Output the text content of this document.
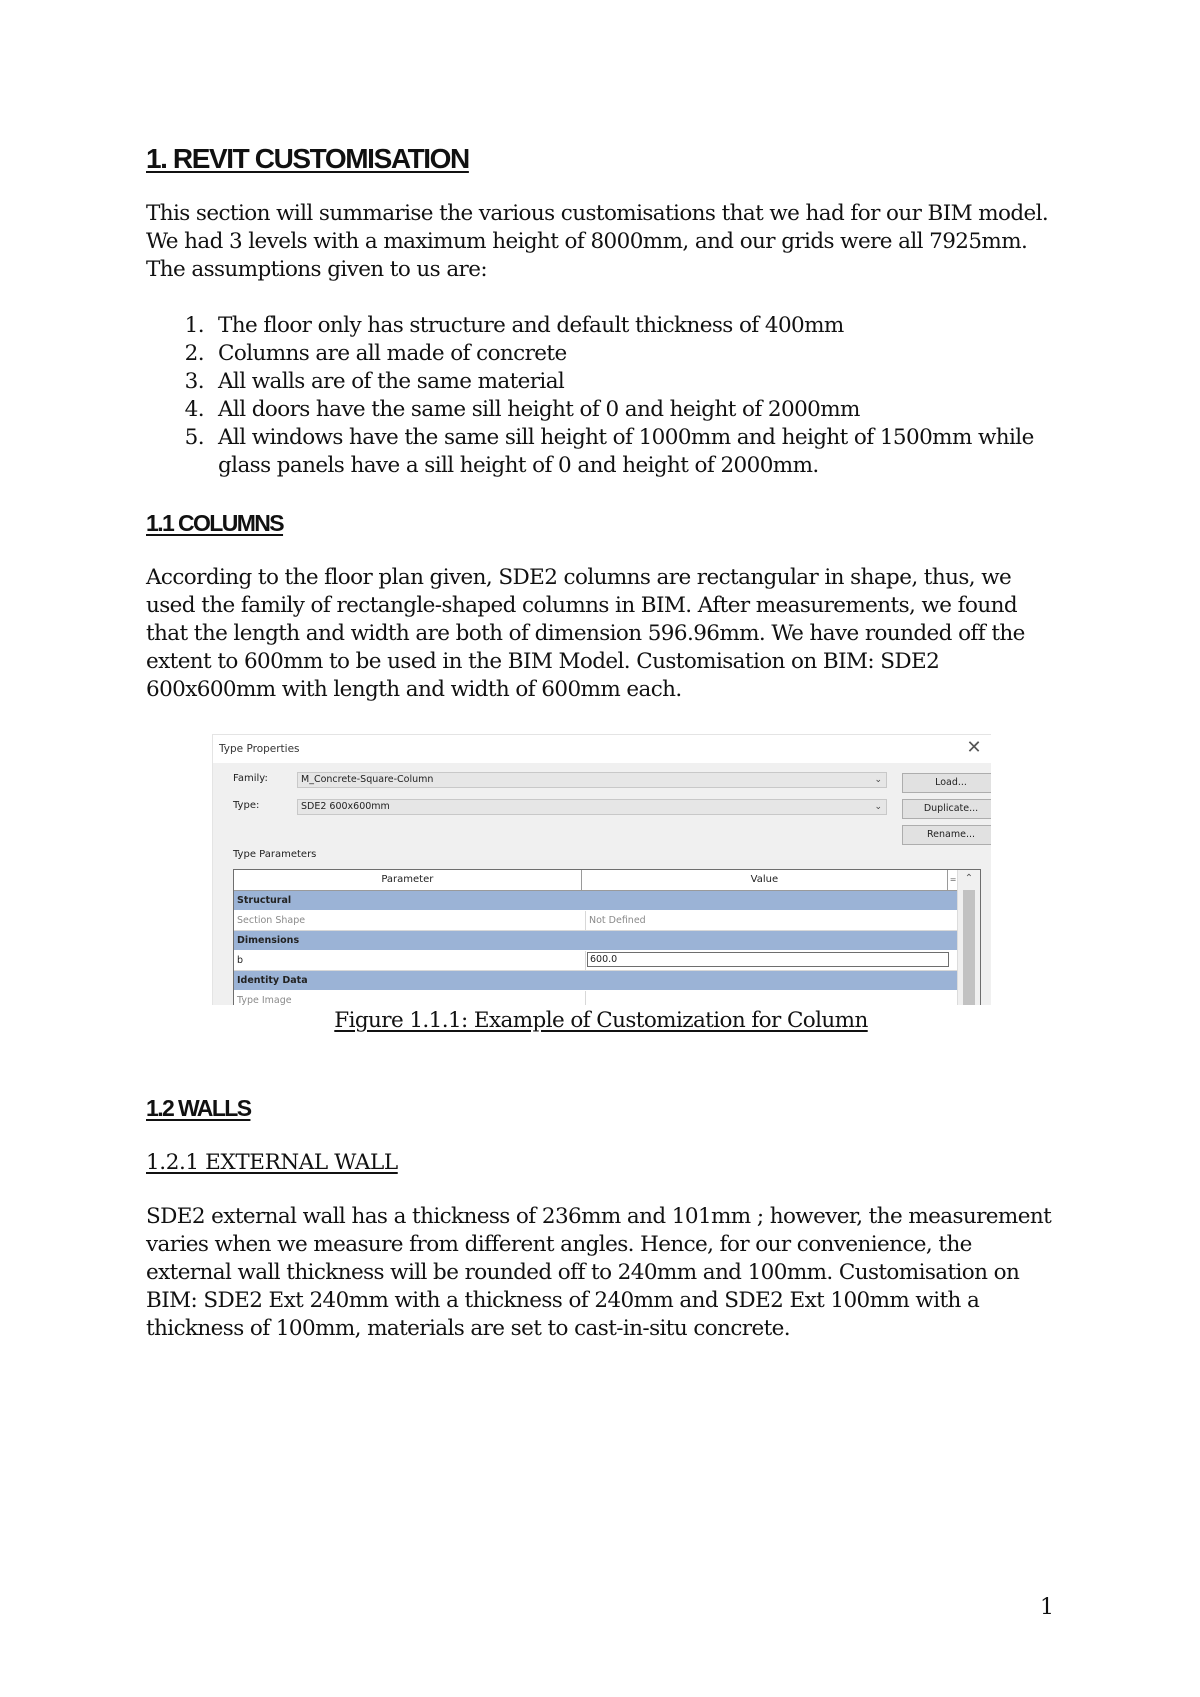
1. REVIT CUSTOMISATION

This section will summarise the various customisations that we had for our BIM model. We had 3 levels with a maximum height of 8000mm, and our grids were all 7925mm. The assumptions given to us are:

1. The floor only has structure and default thickness of 400mm
2. Columns are all made of concrete
3. All walls are of the same material
4. All doors have the same sill height of 0 and height of 2000mm
5. All windows have the same sill height of 1000mm and height of 1500mm while glass panels have a sill height of 0 and height of 2000mm.
1.1 COLUMNS

According to the floor plan given, SDE2 columns are rectangular in shape, thus, we used the family of rectangle-shaped columns in BIM. After measurements, we found that the length and width are both of dimension 596.96mm. We have rounded off the extent to 600mm to be used in the BIM Model. Customisation on BIM: SDE2 600x600mm with length and width of 600mm each.

Type Properties	✕
Family:	M_Concrete-Square-Column	⌄	Load...
Type:	SDE2 600x600mm	⌄	Duplicate...
Rename...
Type Parameters
Parameter	Value	=
Structural
Section Shape	Not Defined
Dimensions
b	600.0
Identity Data
Type Image
⌃
Figure 1.1.1: Example of Customization for Column
1.2 WALLS
1.2.1 EXTERNAL WALL

SDE2 external wall has a thickness of 236mm and 101mm ; however, the measurement varies when we measure from different angles. Hence, for our convenience, the external wall thickness will be rounded off to 240mm and 100mm. Customisation on BIM: SDE2 Ext 240mm with a thickness of 240mm and SDE2 Ext 100mm with a thickness of 100mm, materials are set to cast-in-situ concrete.

1
